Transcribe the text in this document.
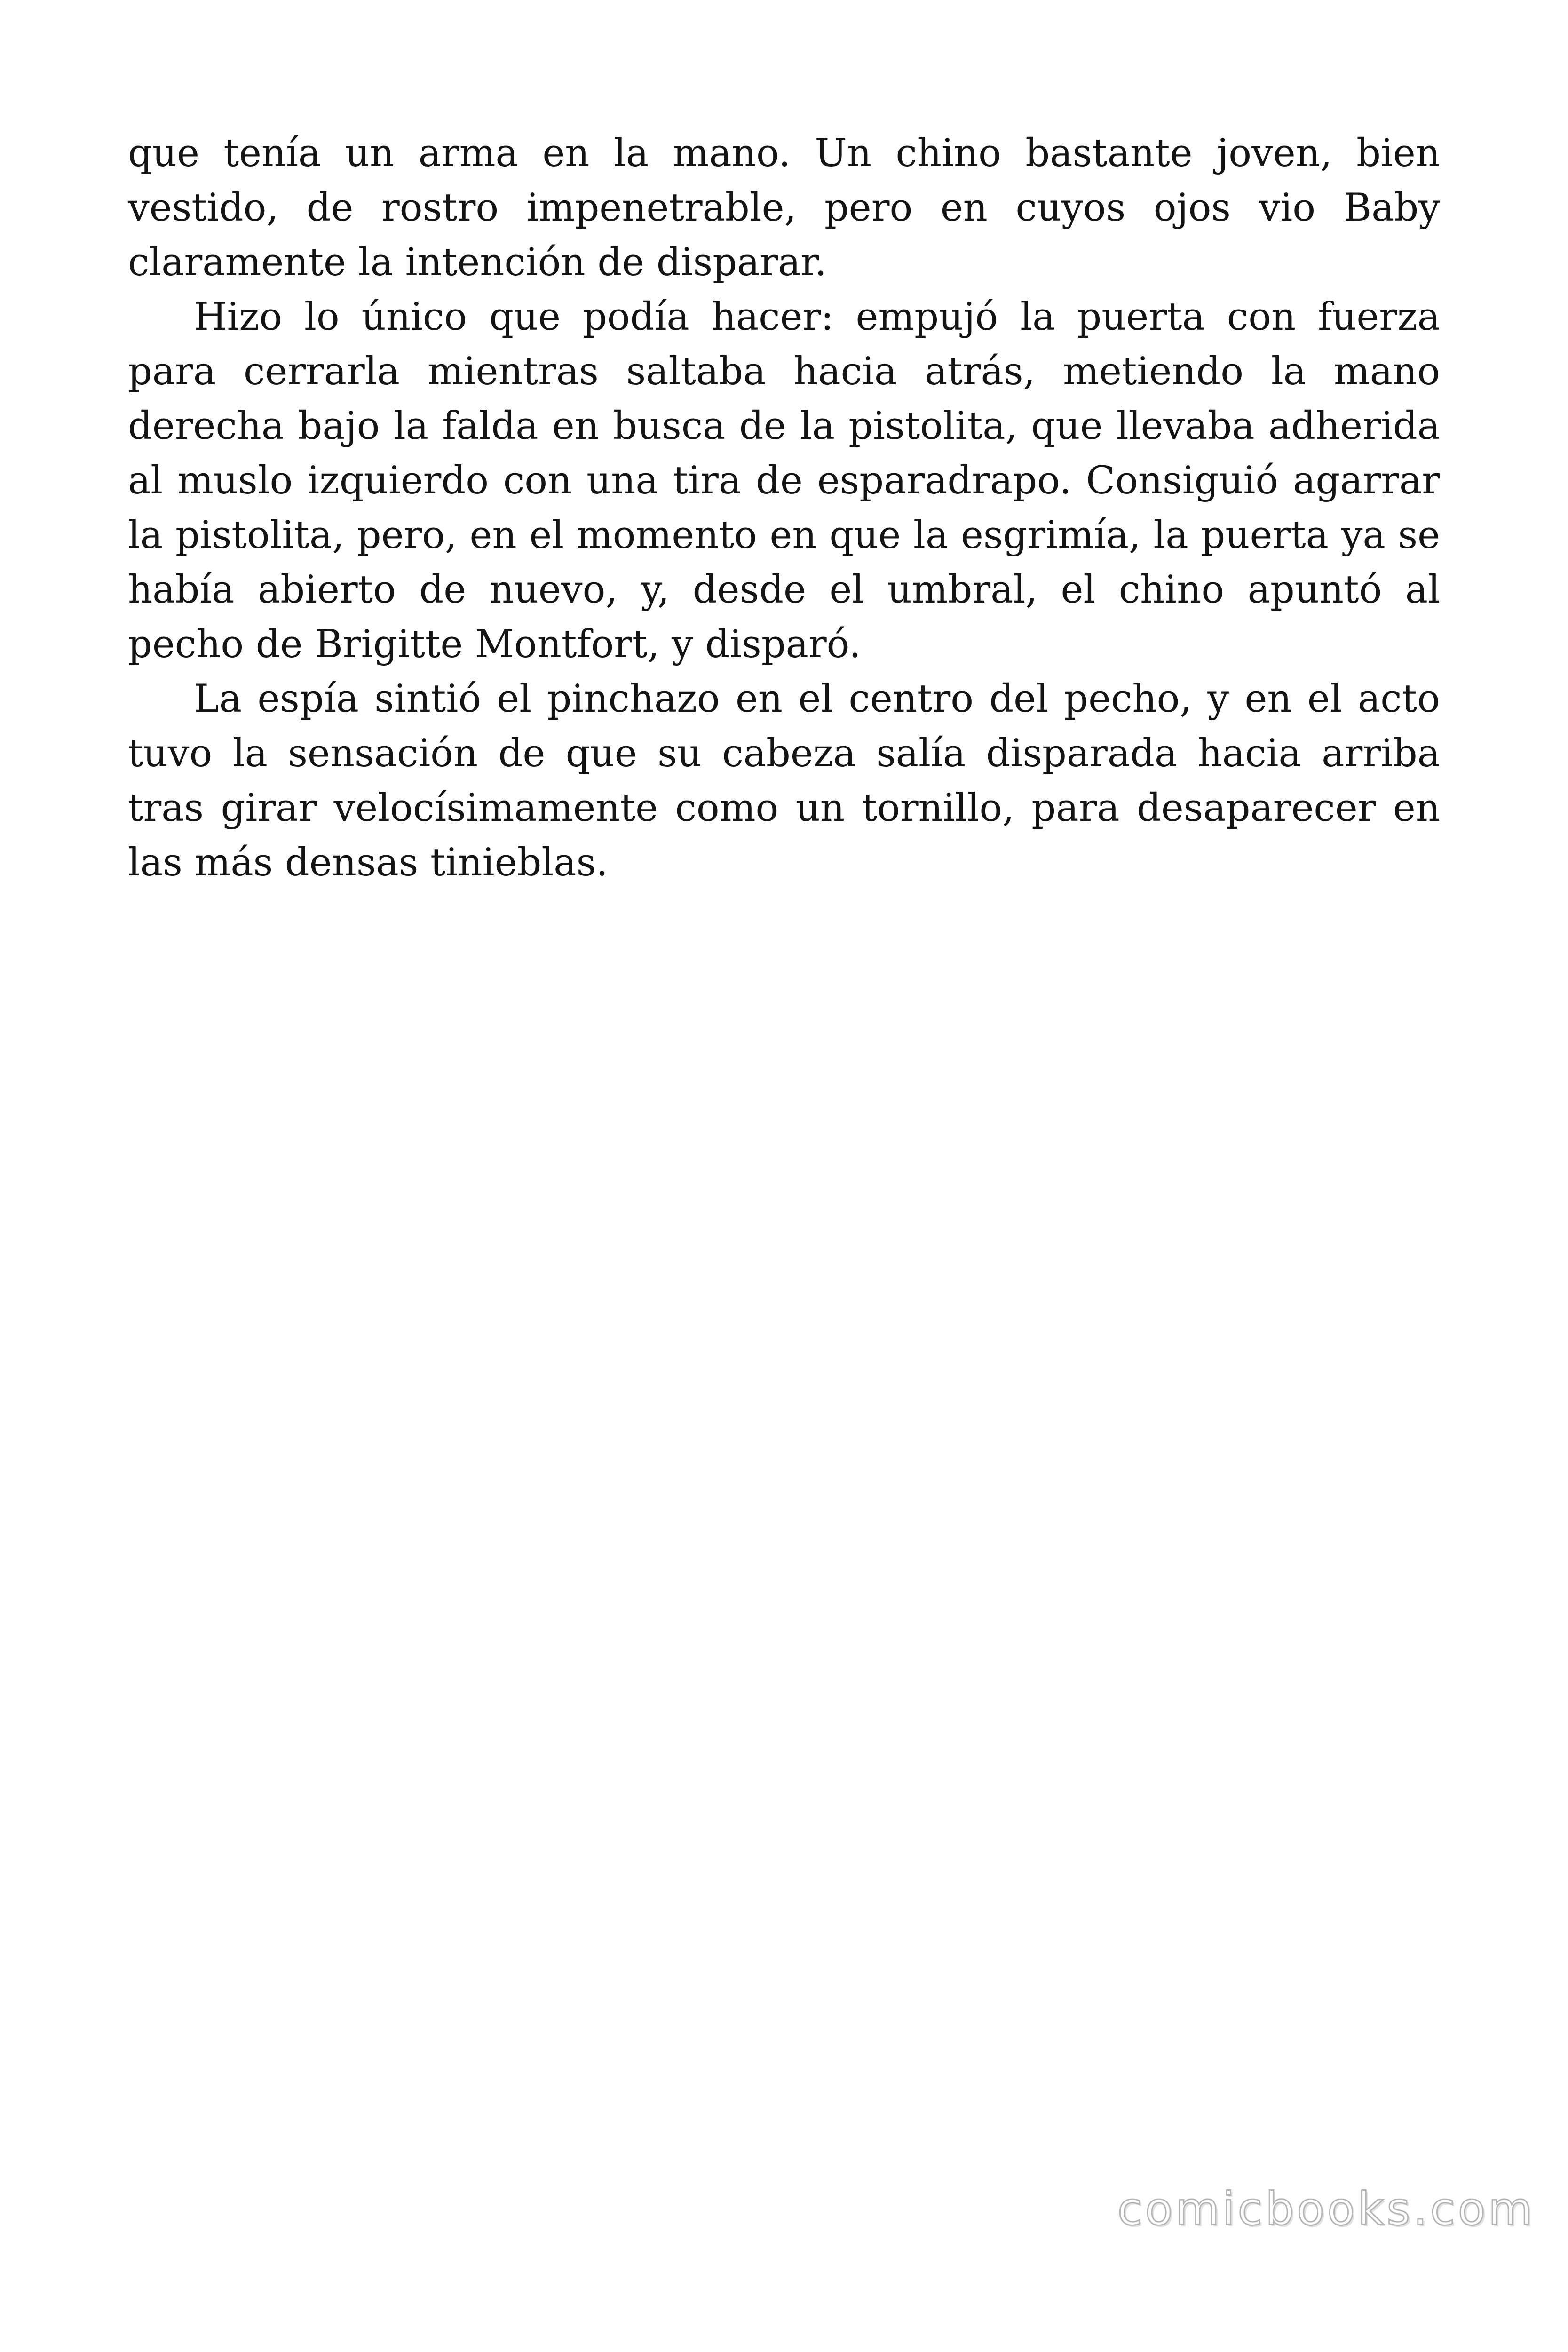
que tenía un arma en la mano. Un chino bastante joven, bien vestido, de rostro impenetrable, pero en cuyos ojos vio Baby claramente la intención de disparar.

Hizo lo único que podía hacer: empujó la puerta con fuerza para cerrarla mientras saltaba hacia atrás, metiendo la mano derecha bajo la falda en busca de la pistolita, que llevaba adherida al muslo izquierdo con una tira de esparadrapo. Consiguió agarrar la pistolita, pero, en el momento en que la esgrimía, la puerta ya se había abierto de nuevo, y, desde el umbral, el chino apuntó al pecho de Brigitte Montfort, y disparó.

La espía sintió el pinchazo en el centro del pecho, y en el acto tuvo la sensación de que su cabeza salía disparada hacia arriba tras girar velocísimamente como un tornillo, para desaparecer en las más densas tinieblas.

comicbooks.com
